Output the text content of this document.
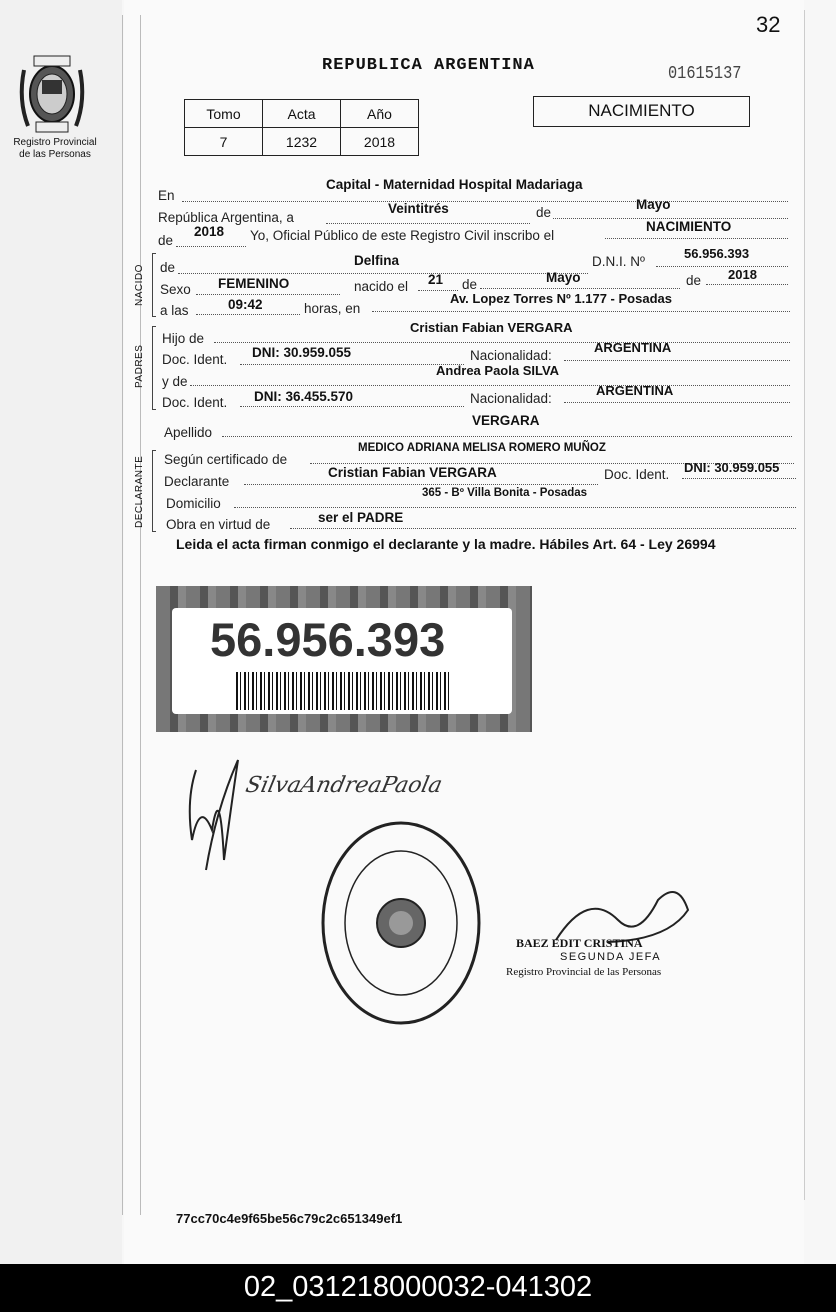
Registro Provincial
de las Personas
32
REPUBLICA ARGENTINA	01615137
NACIMIENTO
Tomo	Acta	Año
7	1232	2018
En
Capital - Maternidad Hospital Madariaga
República Argentina, a
Veintitrés	de
Mayo
de
2018 Yo, Oficial Público de este Registro Civil inscribo el
NACIMIENTO
NACIDO de	Delfina	D.N.I. Nº
56.956.393
Sexo FEMENINO	nacido el 21 de	Mayo	de 2018
a las	09:42	horas, en
Av. Lopez Torres Nº 1.177 - Posadas
PADRES
Hijo de
Cristian Fabian VERGARA
Doc. Ident. DNI: 30.959.055	Nacionalidad:
ARGENTINA
y de
Andrea Paola SILVA
Doc. Ident. DNI: 36.455.570	Nacionalidad:
ARGENTINA
Apellido
VERGARA
DECLARANTE Según certificado de
MEDICO ADRIANA MELISA ROMERO MUÑOZ
Declarante
Cristian Fabian VERGARA	Doc. Ident. DNI: 30.959.055
Domicilio
365 - Bº Villa Bonita - Posadas
Obra en virtud de	ser el PADRE
Leida el acta firman conmigo el declarante y la madre. Hábiles Art. 64 - Ley 26994
56.956.393
SilvaAndreaPaola
BAEZ EDIT CRISTINA
SEGUNDA JEFA
Registro Provincial de las Personas
77cc70c4e9f65be56c79c2c651349ef1
02_031218000032-041302
